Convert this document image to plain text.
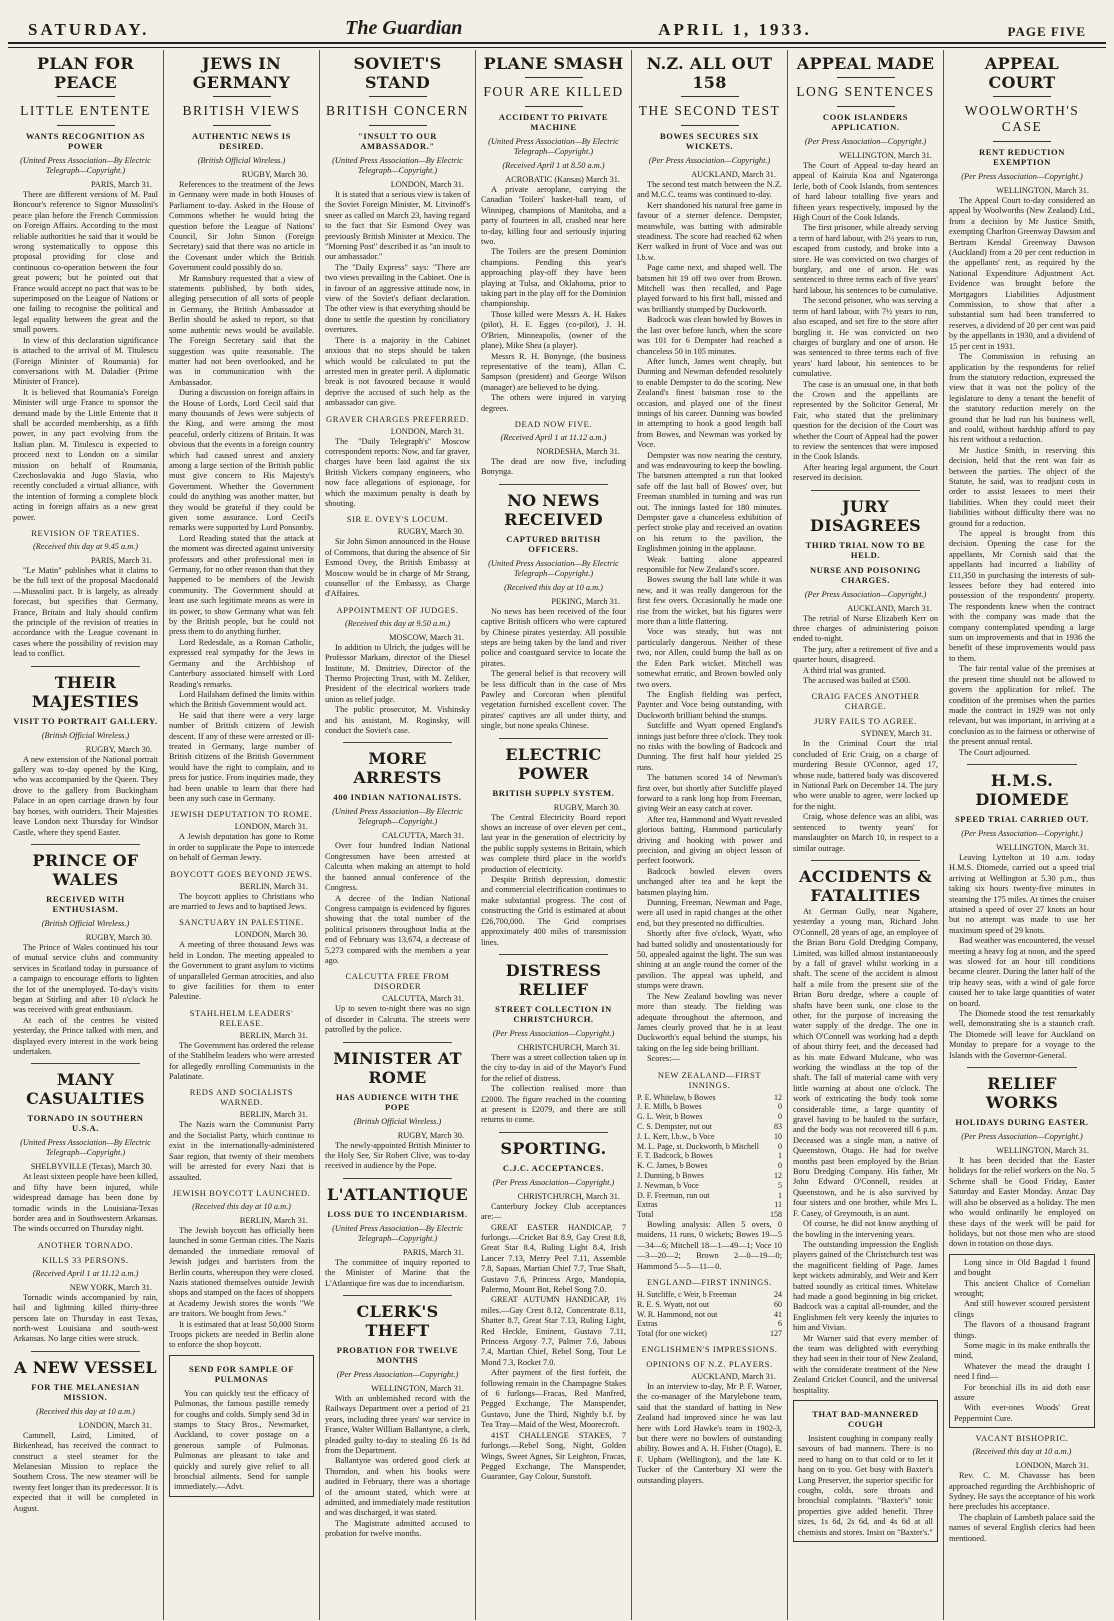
SATURDAY.	The Guardian	APRIL 1, 1933.	PAGE FIVE
PLAN FOR PEACE
LITTLE ENTENTE
WANTS RECOGNITION AS POWER
(United Press Association—By Electric Telegraph—Copyright.)
PARIS, March 31.

There are different versions of M. Paul Boncour's reference to Signor Mussolini's peace plan before the French Commission on Foreign Affairs. According to the most reliable authorities he said that it would be wrong systematically to oppose this proposal providing for close and continuous co-operation between the four great powers; but he pointed out that France would accept no pact that was to be superimposed on the League of Nations or one failing to recognise the political and legal equality between the great and the small powers.

In view of this declaration significance is attached to the arrival of M. Titulescu (Foreign Minister of Roumania) for conversations with M. Daladier (Prime Minister of France).

It is believed that Roumania's Foreign Minister will urge France to sponsor the demand made by the Little Entente that it shall be accorded membership, as a fifth power, in any pact evolving from the Italian plan. M. Titulescu is expected to proceed next to London on a similar mission on behalf of Roumania, Czechoslovakia and Jugo Slavia, who recently concluded a virtual alliance, with the intention of forming a complete block acting in foreign affairs as a new great power.

REVISION OF TREATIES.
(Received this day at 9.45 a.m.)
PARIS, March 31.

"Le Matin" publishes what it claims to be the full text of the proposal Macdonald—Mussolini pact. It is largely, as already forecast, but specifies that Germany, France, Britain and Italy should confirm the principle of the revision of treaties in accordance with the League covenant in cases where the possibility of revision may lead to conflict.

THEIR MAJESTIES
VISIT TO PORTRAIT GALLERY.
(British Official Wireless.)
RUGBY, March 30.

A new extension of the National portrait gallery was to-day opened by the King, who was accompanied by the Queen. They drove to the gallery from Buckingham Palace in an open carriage drawn by four bay horses, with outriders. Their Majesties leave London next Thursday for Windsor Castle, where they spend Easter.

PRINCE OF WALES
RECEIVED WITH ENTHUSIASM.
(British Official Wireless.)
RUGBY, March 30.

The Prince of Wales continued his tour of mutual service clubs and community services in Scotland today in pursuance of a campaign to encourage efforts to lighten the lot of the unemployed. To-day's visits began at Stirling and after 10 o'clock he was received with great enthusiasm.

At each of the centres he visited yesterday, the Prince talked with men, and displayed every interest in the work being undertaken.

MANY CASUALTIES
TORNADO IN SOUTHERN U.S.A.
(United Press Association—By Electric Telegraph—Copyright.)
SHELBYVILLE (Texas), March 30.

At least sixteen people have been killed, and fifty have been injured, while widespread damage has been done by tornadic winds in the Louisiana-Texas border area and in Southwestern Arkansas. The winds occurred on Thursday night.

ANOTHER TORNADO.
KILLS 33 PERSONS.
(Received April 1 at 11.12 a.m.)
NEW YORK, March 31.

Tornadic winds accompanied by rain, hail and lightning killed thirty-three persons late on Thursday in east Texas, north-west Louisiana and south-west Arkansas. No large cities were struck.

A NEW VESSEL
FOR THE MELANESIAN MISSION.
(Received this day at 10 a.m.)
LONDON, March 31.

Cammell, Laird, Limited, of Birkenhead, has received the contract to construct a steel steamer for the Melanesian Mission to replace the Southern Cross. The new steamer will be twenty feet longer than its predecessor. It is expected that it will be completed in August.

JEWS IN GERMANY
BRITISH VIEWS
AUTHENTIC NEWS IS DESIRED.
(British Official Wireless.)
RUGBY, March 30.

References to the treatment of the Jews in Germany were made in both Houses of Parliament to-day. Asked in the House of Commons whether he would bring the question before the League of Nations' Council, Sir John Simon (Foreign Secretary) said that there was no article in the Covenant under which the British Government could possibly do so.

Mr Ramsbury requested that a view of statements published, by both sides, alleging persecution of all sorts of people in Germany, the British Ambassador at Berlin should be asked to report, so that some authentic news would be available. The Foreign Secretary said that the suggestion was quite reasonable. The matter had not been overlooked, and he was in communication with the Ambassador.

During a discussion on foreign affairs in the House of Lords, Lord Cecil said that many thousands of Jews were subjects of the King, and were among the most peaceful, orderly citizens of Britain. It was obvious that the events in a foreign country which had caused unrest and anxiety among a large section of the British public must give concern to His Majesty's Government. Whether the Government could do anything was another matter, but they would be grateful if they could be given some assurance. Lord Cecil's remarks were supported by Lord Ponsonby.

Lord Reading stated that the attack at the moment was directed against university professors and other professional men in Germany, for no other reason than that they happened to be members of the Jewish community. The Government should at least use such legitimate means as were in its power, to show Germany what was felt by the British people, but he could not press them to do anything further.

Lord Redesdale, as a Roman Catholic, expressed real sympathy for the Jews in Germany and the Archbishop of Canterbury associated himself with Lord Reading's remarks.

Lord Hailsham defined the limits within which the British Government would act.

He said that there were a very large number of British citizens of Jewish descent. If any of these were arrested or ill-treated in Germany, large number of British citizens of the British Government would have the right to complain, and to press for justice. From inquiries made, they had been unable to learn that there had been any such case in Germany.

JEWISH DEPUTATION TO ROME.
LONDON, March 31.

A Jewish deputation has gone to Rome in order to supplicate the Pope to intercede on behalf of German Jewry.

BOYCOTT GOES BEYOND JEWS.
BERLIN, March 31.

The boycott applies to Christians who are married to Jews and to baptised Jews.

SANCTUARY IN PALESTINE.
LONDON, March 30.

A meeting of three thousand Jews was held in London. The meeting appealed to the Government to grant asylum to victims of unparalleled German atrocities, and also to give facilities for them to enter Palestine.

STAHLHELM LEADERS' RELEASE.
BERLIN, March 31.

The Government has ordered the release of the Stahlhelm leaders who were arrested for allegedly enrolling Communists in the Palatinate.

REDS AND SOCIALISTS WARNED.
BERLIN, March 31.

The Nazis warn the Communist Party and the Socialist Party, which continue to exist in the internationally-administered Saar region, that twenty of their members will be arrested for every Nazi that is assaulted.

JEWISH BOYCOTT LAUNCHED.
(Received this day at 10 a.m.)
BERLIN, March 31.

The Jewish boycott has officially been launched in some German cities. The Nazis demanded the immediate removal of Jewish judges and barristers from the Berlin courts, whereupon they were closed. Nazis stationed themselves outside Jewish shops and stamped on the faces of shoppers at Academy Jewish stores the words "We are traitors. We bought from Jews."

It is estimated that at least 50,000 Storm Troops pickets are needed in Berlin alone to enforce the shop boycott.

SEND FOR SAMPLE OF PULMONAS

You can quickly test the efficacy of Pulmonas, the famous pastille remedy for coughs and colds. Simply send 3d in stamps to Stacy Bros., Newmarket, Auckland, to cover postage on a generous sample of Pulmonas. Pulmonas are pleasant to take and quickly and surely give relief to all bronchial ailments. Send for sample immediately.—Advt.

SOVIET'S STAND
BRITISH CONCERN
"INSULT TO OUR AMBASSADOR."
(United Press Association—By Electric Telegraph—Copyright.)
LONDON, March 31.

It is stated that a serious view is taken of the Soviet Foreign Minister, M. Litvinoff's sneer as called on March 23, having regard to the fact that Sir Esmond Ovey was previously British Minister at Mexico. The "Morning Post" described it as "an insult to our ambassador."

The "Daily Express" says: "There are two views prevailing in the Cabinet. One is in favour of an aggressive attitude now, in view of the Soviet's defiant declaration. The other view is that everything should be done to settle the question by conciliatory overtures.

There is a majority in the Cabinet anxious that no steps should be taken which would be calculated to put the arrested men in greater peril. A diplomatic break is not favoured because it would deprive the accused of such help as the ambassador can give.

GRAVER CHARGES PREFERRED.
LONDON, March 31.

The "Daily Telegraph's" Moscow correspondent reports: Now, and far graver, charges have been laid against the six British Vickers company engineers, who now face allegations of espionage, for which the maximum penalty is death by shooting.

SIR E. OVEY'S LOCUM.
RUGBY, March 30.

Sir John Simon announced in the House of Commons, that during the absence of Sir Esmond Ovey, the British Embassy at Moscow would be in charge of Mr Strang, counsellor of the Embassy, as Charge d'Affaires.

APPOINTMENT OF JUDGES.
(Received this day at 9.50 a.m.)
MOSCOW, March 31.

In addition to Ulrich, the judges will be Professor Markam, director of the Diesel Institute, M. Dmitriev, Director of the Thermo Projecting Trust, with M. Zeliker, President of the electrical workers trade union as relief judge.

The public prosecutor, M. Vishinsky and his assistant, M. Roginsky, will conduct the Soviet's case.

MORE ARRESTS
400 INDIAN NATIONALISTS.
(United Press Association—By Electric Telegraph—Copyright.)
CALCUTTA, March 31.

Over four hundred Indian National Congressmen have been arrested at Calcutta when making an attempt to hold the banned annual conference of the Congress.

A decree of the Indian National Congress campaign is evidenced by figures showing that the total number of the political prisoners throughout India at the end of February was 13,674, a decrease of 5,273 compared with the members a year ago.

CALCUTTA FREE FROM DISORDER
CALCUTTA, March 31.

Up to seven to-night there was no sign of disorder in Calcutta. The streets were patrolled by the police.

MINISTER AT ROME
HAS AUDIENCE WITH THE POPE
(British Official Wireless.)
RUGBY, March 30.

The newly-appointed British Minister to the Holy See, Sir Robert Clive, was to-day received in audience by the Pope.

L'ATLANTIQUE
LOSS DUE TO INCENDIARISM.
(United Press Association—By Electric Telegraph—Copyright.)
PARIS, March 31.

The committee of inquiry reported to the Minister of Marine that the L'Atlantique fire was due to incendiarism.

CLERK'S THEFT
PROBATION FOR TWELVE MONTHS
(Per Press Association—Copyright.)
WELLINGTON, March 31.

With an unblemished record with the Railways Department over a period of 21 years, including three years' war service in France, Walter William Ballantyne, a clerk, pleaded guilty to-day to stealing £6 1s 8d from the Department.

Ballantyne was ordered good clerk at Thorndon, and when his books were audited in February, there was a shortage of the amount stated, which were at admitted, and immediately made restitution and was discharged, it was stated.

The Magistrate admitted accused to probation for twelve months.

PLANE SMASH
FOUR ARE KILLED
ACCIDENT TO PRIVATE MACHINE
(United Press Association—By Electric Telegraph—Copyright.)
(Received April 1 at 8.50 a.m.)
ACROBATIC (Kansas) March 31.

A private aeroplane, carrying the Canadian 'Toilers' basket-ball team, of Winnipeg, champions of Manitoba, and a party of fourteen in all, crashed near here to-day, killing four and seriously injuring two.

The Toilers are the present Dominion champions. Pending this year's approaching play-off they have been playing at Tulsa, and Oklahoma, prior to taking part in the play off for the Dominion championship.

Those killed were Messrs A. H. Hakes (pilot), H. E. Egges (co-pilot), J. H. O'Brien, Minneapolis, (owner of the plane), Mike Shea (a player).

Messrs R. H. Bonynge, (the business representative of the team), Allan C. Sampson (president) and George Wilson (manager) are believed to be dying.

The others were injured in varying degrees.

DEAD NOW FIVE.
(Received April 1 at 11.12 a.m.)
NORDESHA, March 31.

The dead are now five, including Bonynga.

NO NEWS RECEIVED
CAPTURED BRITISH OFFICERS.
(United Press Association—By Electric Telegraph—Copyright.)
(Received this day at 10 a.m.)
PEKING, March 31.

No news has been received of the four captive British officers who were captured by Chinese pirates yesterday. All possible steps are being taken by the land and river police and coastguard service to locate the pirates.

The general belief is that recovery will be less difficult than in the case of Mrs Pawley and Corcoran when plentiful vegetation furnished excellent cover. The pirates' captives are all under thirty, and single, but none speaks Chinese.

ELECTRIC POWER
BRITISH SUPPLY SYSTEM.
RUGBY, March 30.

The Central Electricity Board report shows an increase of over eleven per cent., last year in the generation of electricity by the public supply systems in Britain, which was complete third place in the world's production of electricity.

Despite British depression, domestic and commercial electrification continues to make substantial progress. The cost of constructing the Grid is estimated at about £26,700,000. The Grid comprises approximately 400 miles of transmission lines.

DISTRESS RELIEF
STREET COLLECTION IN CHRISTCHURCH.
(Per Press Association—Copyright.)
CHRISTCHURCH, March 31.

There was a street collection taken up in the city to-day in aid of the Mayor's Fund for the relief of distress.

The collection realised more than £2000. The figure reached in the counting at present is £2079, and there are still returns to come.

SPORTING.
C.J.C. ACCEPTANCES.
(Per Press Association—Copyright.)
CHRISTCHURCH, March 31.

Canterbury Jockey Club acceptances are:—

GREAT EASTER HANDICAP, 7 furlongs.—Cricket Bat 8.9, Gay Crest 8.8, Great Star 8.4, Ruling Light 8.4, Irish Lancer 7.13, Merry Peel 7.11, Assemble 7.8, Sapaas, Martian Chief 7.7, True Shaft, Gustavo 7.6, Princess Argo, Mandopia, Palermo, Mount Bot, Rebel Song 7.0.

GREAT AUTUMN HANDICAP, 1½ miles.—Gay Crest 8.12, Concentrate 8.11, Shatter 8.7, Great Star 7.13, Ruling Light, Red Heckle, Eminent, Gustavo 7.11, Princess Argosy 7.7, Palmer 7.6, Jabous 7.4, Martian Chief, Rebel Song, Tout Le Mond 7.3, Rocket 7.0.

After payment of the first forfeit, the following remain in the Champagne Stakes of 6 furlongs—Fracas, Red Manfred, Pegged Exchange, The Manspender, Gustavo, June the Third, Nightly b.f. by Tea Tray—Maid of the West, Moorecroft.

41ST CHALLENGE STAKES, 7 furlongs.—Rebel Song, Night, Golden Wings, Sweet Agnes, Sir Leighton, Fracas, Pegged Exchange, The Manspender, Guarantee, Gay Colour, Sunstoft.

N.Z. ALL OUT 158
THE SECOND TEST
BOWES SECURES SIX WICKETS.
(Per Press Association—Copyright.)
AUCKLAND, March 31.

The second test match between the N.Z. and M.C.C. teams was continued to-day.

Kerr shandoned his natural free game in favour of a sterner defence. Dempster, meanwhile, was batting with admirable steadiness. The score had reached 62 when Kerr walked in front of Voce and was out l.b.w.

Page came next, and shaped well. The batsmen hit 19 off two over from Brown. Mitchell was then recalled, and Page played forward to his first ball, missed and was brilliantly stumped by Duckworth.

Badcock was clean bowled by Bowes in the last over before lunch, when the score was 101 for 6 Dempster had reached a chanceless 50 in 105 minutes.

After lunch, James went cheaply, but Dunning and Newman defended resolutely to enable Dempster to do the scoring. New Zealand's finest batsman rose to the occasion, and played one of the finest innings of his career. Dunning was bowled in attempting to hook a good length ball from Bowes, and Newman was yorked by Voce.

Dempster was now nearing the century, and was endeavouring to keep the bowling. The batsmen attempted a run that looked safe off the last ball of Bowes' over, but Freeman stumbled in turning and was run out. The innings lasted for 180 minutes. Dempster gave a chanceless exhibition of perfect stroke play and received an ovation on his return to the pavilion, the Englishmen joining in the applause.

Weak batting alone appeared responsible for New Zealand's score.

Bowes swung the ball late while it was new, and it was really dangerous for the first few overs. Occasionally he made one rise from the wicket, but his figures were more than a little flattering.

Voce was steady, but was not particularly dangerous. Neither of these two, nor Allen, could bump the ball as on the Eden Park wicket. Mitchell was somewhat erratic, and Brown bowled only two overs.

The English fielding was perfect, Paynter and Voce being outstanding, with Duckworth brilliant behind the stumps.

Sutcliffe and Wyatt opened England's innings just before three o'clock. They took no risks with the bowling of Badcock and Dunning. The first half hour yielded 25 runs.

The batsmen scored 14 of Newman's first over, but shortly after Sutcliffe played forward to a rank long hop from Freeman, giving Weir an easy catch at cover.

After tea, Hammond and Wyatt revealed glorious batting, Hammond particularly driving and hooking with power and precision, and giving an object lesson of perfect footwork.

Badcock bowled eleven overs unchanged after tea and he kept the batsmen playing him.

Dunning, Freeman, Newman and Page, were all used in rapid changes at the other end, but they presented no difficulties.

Shortly after five o'clock, Wyatt, who had batted solidly and unostentatiously for 50, appealed against the light. The sun was shining at an angle round the corner of the pavilion. The appeal was upheld, and stumps were drawn.

The New Zealand bowling was never more than steady. The fielding was adequate throughout the afternoon, and James clearly proved that he is at least Duckworth's equal behind the stumps, his taking on the leg side being brilliant.

Scores:—

NEW ZEALAND—FIRST INNINGS.
P. E. Whitelaw, b Bowes	12
J. E. Mills, b Bowes	0
G. L. Weir, b Bowes	0
C. S. Dempster, not out	83
J. L. Kerr, l.b.w., b Voce	10
M. L. Page, st. Duckworth, b Mitchell	0
F. T. Badcock, b Bowes	1
K. C. James, b Bowes	0
J. Dunning, b Bowes	12
J. Newman, b Voce	5
D. F. Freeman, run out	1
Extras	11
Total	158

Bowling analysis: Allen 5 overs, 0 maidens, 11 runs, 0 wickets; Bowes 19—5—34—6; Mitchell 18—1—49—1; Voce 10—3—20—2; Brown 2—0—19—0; Hammond 5—5—11—0.

ENGLAND—FIRST INNINGS.
H. Sutcliffe, c Weir, b Freeman	24
R. E. S. Wyatt, not out	60
W. R. Hammond, not out	41
Extras	6
Total (for one wicket)	127
ENGLISHMEN'S IMPRESSIONS.
OPINIONS OF N.Z. PLAYERS.
AUCKLAND, March 31.

In an interview to-day, Mr P. F. Warner, the co-manager of the Marylebone team, said that the standard of batting in New Zealand had improved since he was last here with Lord Hawke's team in 1902-3, but there were no bowlers of outstanding ability. Bowes and A. H. Fisher (Otago), E. F. Upham (Wellington), and the late K. Tucker of the Canterbury XI were the outstanding players.

APPEAL MADE
LONG SENTENCES
COOK ISLANDERS APPLICATION.
(Per Press Association—Copyright.)
WELLINGTON, March 31.

The Court of Appeal to-day heard an appeal of Kairuia Koa and Ngateronga Ierle, both of Cook Islands, from sentences of hard labour totalling five years and fifteen years respectively, imposed by the High Court of the Cook Islands.

The first prisoner, while already serving a term of hard labour, with 2½ years to run, escaped from custody, and broke into a store. He was convicted on two charges of burglary, and one of arson. He was sentenced to three terms each of five years' hard labour, his sentences to be cumulative.

The second prisoner, who was serving a term of hard labour, with 7½ years to run, also escaped, and set fire to the store after burgling it. He was convicted on two charges of burglary and one of arson. He was sentenced to three terms each of five years' hard labour, his sentences to be cumulative.

The case is an unusual one, in that both the Crown and the appellants are represented by the Solicitor General, Mr Fair, who stated that the preliminary question for the decision of the Court was whether the Court of Appeal had the power to review the sentences that were imposed in the Cook Islands.

After hearing legal argument, the Court reserved its decision.

JURY DISAGREES
THIRD TRIAL NOW TO BE HELD.
NURSE AND POISONING CHARGES.
(Per Press Association—Copyright.)
AUCKLAND, March 31.

The retrial of Nurse Elizabeth Kerr on three charges of administering poison ended to-night.

The jury, after a retirement of five and a quarter hours, disagreed.

A third trial was granted.

The accused was bailed at £500.

CRAIG FACES ANOTHER CHARGE.
JURY FAILS TO AGREE.
SYDNEY, March 31.

In the Criminal Court the trial concluded of Eric Craig, on a charge of murdering Bessie O'Connor, aged 17, whose nude, battered body was discovered in National Park on December 14. The jury who were unable to agree, were locked up for the night.

Craig, whose defence was an alibi, was sentenced to twenty years' for manslaughter on March 10, in respect to a similar outrage.

ACCIDENTS & FATALITIES

At German Gully, near Ngahere, yesterday a young man, Richard John O'Connell, 28 years of age, an employee of the Brian Boru Gold Dredging Company, Limited, was killed almost instantaneously by a fall of gravel whilst working in a shaft. The scene of the accident is almost half a mile from the present site of the Brian Boru dredge, where a couple of shafts have been sunk, one close to the other, for the purpose of increasing the water supply of the dredge. The one in which O'Connell was working had a depth of about thirty feet, and the deceased had as his mate Edward Mulcane, who was working the windlass at the top of the shaft. The fall of material came with very little warning at about one o'clock. The work of extricating the body took some considerable time, a large quantity of gravel having to be hauled to the surface, and the body was not recovered till 6 p.m. Deceased was a single man, a native of Queenstown, Otago. He had for twelve months past been employed by the Brian Boru Dredging Company. His father, Mr John Edward O'Connell, resides at Queenstown, and he is also survived by four sisters and one brother, while Mrs L. F. Casey, of Greymouth, is an aunt.

Of course, he did not know anything of the bowling in the intervening years.

The outstanding impression the English players gained of the Christchurch test was the magnificent fielding of Page. James kept wickets admirably, and Weir and Kerr batted soundly as critical times. Whitelaw had made a good beginning in big cricket. Badcock was a capital all-rounder, and the Englishmen felt very keenly the injuries to him and Vivian.

Mr Warner said that every member of the team was delighted with everything they had seen in their tour of New Zealand, with the considerate treatment of the New Zealand Cricket Council, and the universal hospitality.

THAT BAD-MANNERED COUGH

Insistent coughing in company really savours of bad manners. There is no need to hang on to that cold or to let it hang on to you. Get busy with Baxter's Lung Preserver, the superior specific for coughs, colds, sore throats and bronchial complaints. "Baxter's" tonic properties give added benefit. Three sizes, 1s 6d, 2s 6d, and 4s 6d at all chemists and stores. Insist on "Baxter's."

APPEAL COURT
WOOLWORTH'S CASE
RENT REDUCTION EXEMPTION
(Per Press Association—Copyright.)
WELLINGTON, March 31.

The Appeal Court to-day considered an appeal by Woolworths (New Zealand) Ltd., from a decision by Mr Justice Smith, exempting Charlton Greenway Dawson and Bertram Kendal Greenway Dawson (Auckland) from a 20 per cent reduction in the appellants' rent, as required by the National Expenditure Adjustment Act. Evidence was brought before the Mortgagors Liabilities Adjustment Commission, to show that after a substantial sum had been transferred to reserves, a dividend of 20 per cent was paid by the appellants in 1930, and a dividend of 15 per cent in 1931.

The Commission in refusing an application by the respondents for relief from the statutory reduction, expressed the view that it was not the policy of the legislature to deny a tenant the benefit of the statutory reduction merely on the ground that he had run his business well, and could, without hardship afford to pay his rent without a reduction.

Mr Justice Smith, in reserving this decision, held that the rent was fair as between the parties. The object of the Statute, he said, was to readjust costs in order to assist lessees to meet their liabilities. When they could meet their liabilities without difficulty there was no ground for a reduction.

The appeal is brought from this decision. Opening the case for the appellants, Mr Cornish said that the appellants had incurred a liability of £11,350 in purchasing the interests of sub-lessees before they had entered into possession of the respondents' property. The respondents knew when the contract with the company was made that the company contemplated spending a large sum on improvements and that in 1936 the benefit of these improvements would pass to them.

The fair rental value of the premises at the present time should not be allowed to govern the application for relief. The condition of the premises when the parties made the contract in 1929 was not only relevant, but was important, in arriving at a conclusion as to the fairness or otherwise of the present annual rental.

The Court adjourned.

H.M.S. DIOMEDE
SPEED TRIAL CARRIED OUT.
(Per Press Association—Copyright.)
WELLINGTON, March 31.

Leaving Lyttelton at 10 a.m. today H.M.S. Diomede, carried out a speed trial arriving at Wellington at 5.30 p.m., thus taking six hours twenty-five minutes in steaming the 175 miles. At times the cruiser attained a speed of over 27 knots an hour but no attempt was made to use her maximum speed of 29 knots.

Bad weather was encountered, the vessel meeting a heavy fog at noon, and the speed was slowed for an hour till conditions became clearer. During the latter half of the trip heavy seas, with a wind of gale force caused her to take large quantities of water on board.

The Diomede stood the test remarkably well, demonstrating she is a staunch craft. The Diomede will leave for Auckland on Monday to prepare for a voyage to the Islands with the Governor-General.

RELIEF WORKS
HOLIDAYS DURING EASTER.
(Per Press Association—Copyright.)
WELLINGTON, March 31.

It has been decided that the Easter holidays for the relief workers on the No. 5 Scheme shall be Good Friday, Easter Saturday and Easter Monday. Anzac Day will also be observed as a holiday. The men who would ordinarily be employed on these days of the week will be paid for holidays, but not those men who are stood down in rotation on those days.

Long since in Old Bagdad I found and bought

This ancient Chalice of Cornelian wrought;

And still however scoured persistent clings

The flavors of a thousand fragrant things.

Some magic in its make enthralls the mind,

Whatever the mead the draught I need I find—

For bronchial ills its aid doth ease assure

With ever-ones Woods' Great Peppermint Cure.

VACANT BISHOPRIC.
(Received this day at 10 a.m.)
LONDON, March 31.

Rev. C. M. Chavasse has been approached regarding the Archbishopric of Sydney. He says the acceptance of his work here precludes his acceptance.

The chaplain of Lambeth palace said the names of several English clerics had been mentioned.
